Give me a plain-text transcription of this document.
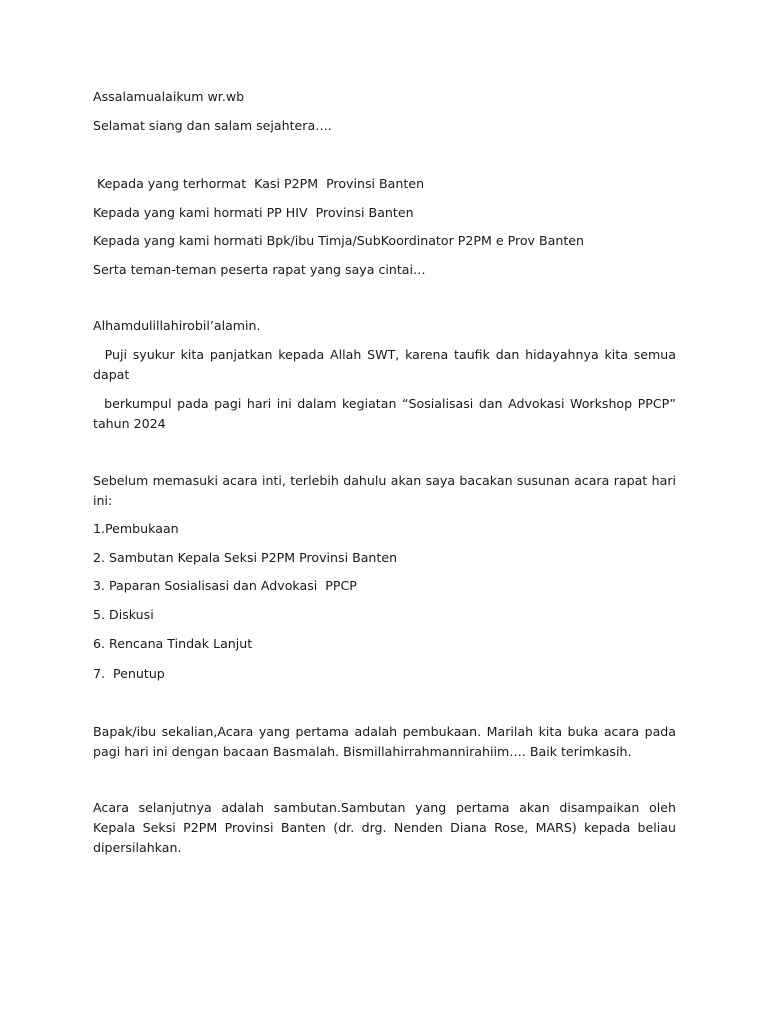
Assalamualaikum wr.wb

Selamat siang dan salam sejahtera….

Kepada yang terhormat  Kasi P2PM  Provinsi Banten

Kepada yang kami hormati PP HIV  Provinsi Banten

Kepada yang kami hormati Bpk/ibu Timja/SubKoordinator P2PM e Prov Banten

Serta teman-teman peserta rapat yang saya cintai…

Alhamdulillahirobil’alamin.

Puji syukur kita panjatkan kepada Allah SWT, karena taufik dan hidayahnya kita semua dapat

berkumpul pada pagi hari ini dalam kegiatan “Sosialisasi dan Advokasi Workshop PPCP” tahun 2024

Sebelum memasuki acara inti, terlebih dahulu akan saya bacakan susunan acara rapat hari ini:

1.Pembukaan

2. Sambutan Kepala Seksi P2PM Provinsi Banten

3. Paparan Sosialisasi dan Advokasi  PPCP

5. Diskusi

6. Rencana Tindak Lanjut

7.  Penutup

Bapak/ibu sekalian,Acara yang pertama adalah pembukaan. Marilah kita buka acara pada pagi hari ini dengan bacaan Basmalah. Bismillahirrahmannirahiim…. Baik terimkasih.

Acara selanjutnya adalah sambutan.Sambutan yang pertama akan disampaikan oleh Kepala Seksi P2PM Provinsi Banten (dr. drg. Nenden Diana Rose, MARS) kepada beliau dipersilahkan.
